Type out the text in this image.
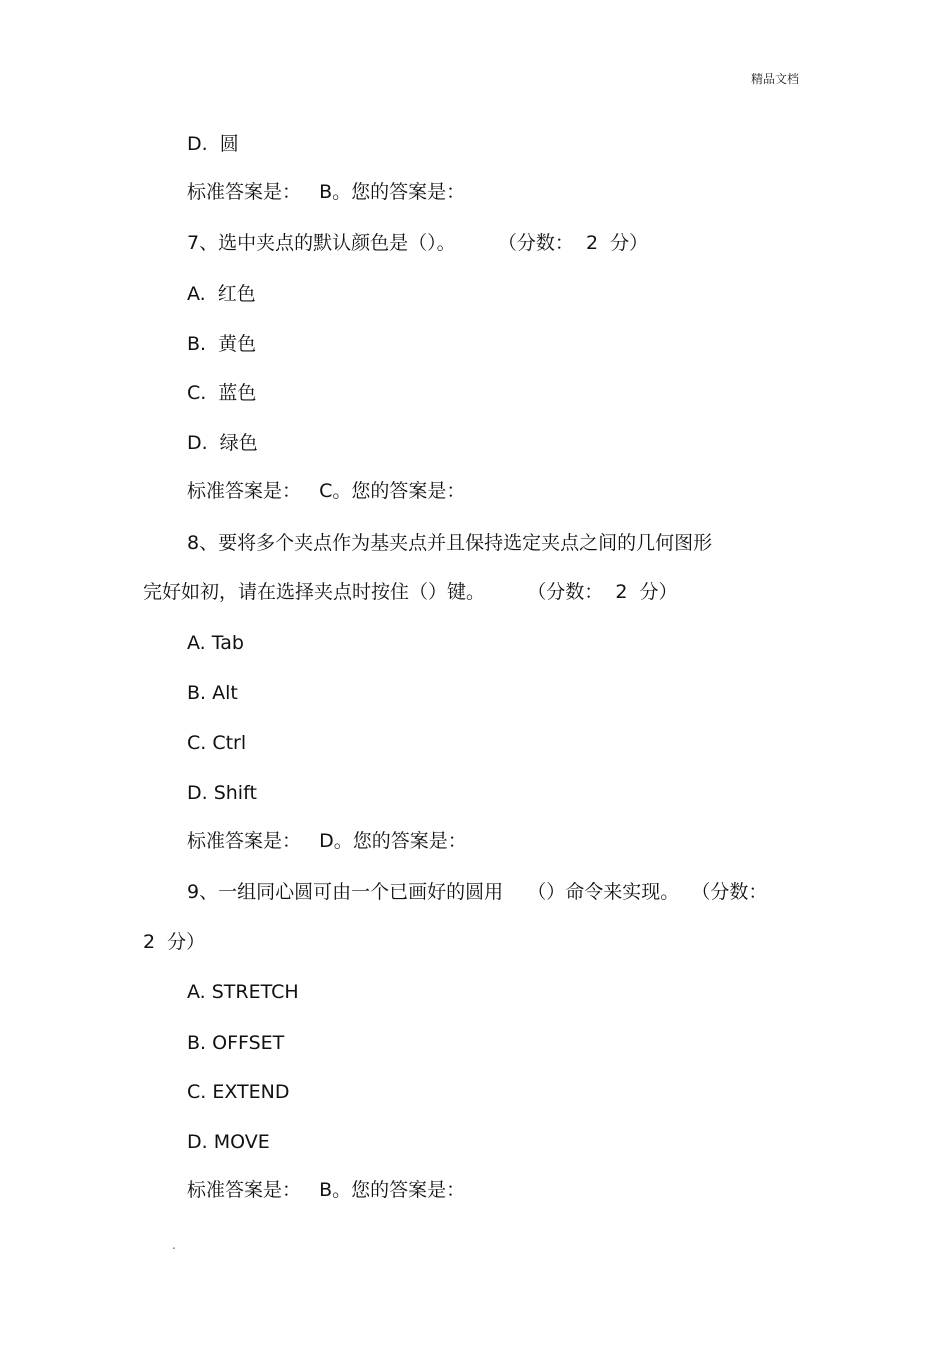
精品文档
D.  圆
标准答案是：   B。您的答案是：
7、选中夹点的默认颜色是（）。       （分数：  2  分）
A.  红色
B.  黄色
C.  蓝色
D.  绿色
标准答案是：   C。您的答案是：
8、要将多个夹点作为基夹点并且保持选定夹点之间的几何图形
完好如初，请在选择夹点时按住（）键。       （分数：  2  分）
A. Tab
B. Alt
C. Ctrl
D. Shift
标准答案是：   D。您的答案是：
9、一组同心圆可由一个已画好的圆用    （）命令来实现。  （分数：
2  分）
A. STRETCH
B. OFFSET
C. EXTEND
D. MOVE
标准答案是：   B。您的答案是：
.
